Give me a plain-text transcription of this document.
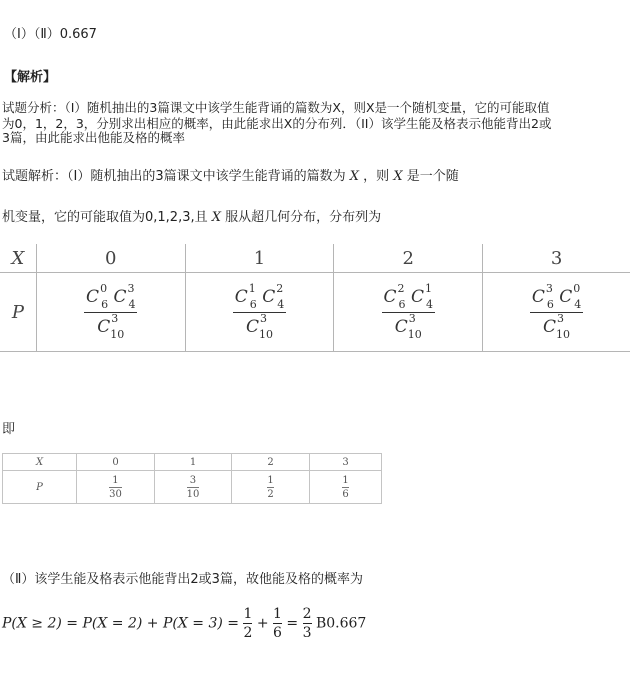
（Ⅰ）（Ⅱ）0.667
【解析】
试题分析：（Ⅰ）随机抽出的3篇课文中该学生能背诵的篇数为X，则X是一个随机变量，它的可能取值
为0，1，2，3，分别求出相应的概率，由此能求出X的分布列．（II）该学生能及格表示他能背出2或
3篇，由此能求出他能及格的概率
试题解析：（Ⅰ）随机抽出的3篇课文中该学生能背诵的篇数为 X ，则 X 是一个随
机变量，它的可能取值为0,1,2,3,且 X 服从超几何分布，分布列为
X	0	1	2	3
P	$\frac{C^0_6 C^3_4}{C^3_{10}}$	$\frac{C^1_6 C^2_4}{C^3_{10}}$	$\frac{C^2_6 C^1_4}{C^3_{10}}$	$\frac{C^3_6 C^0_4}{C^3_{10}}$
即
X	0	1	2	3
P	$\frac{1}{30}$	$\frac{3}{10}$	$\frac{1}{2}$	$\frac{1}{6}$
（Ⅱ）该学生能及格表示他能背出2或3篇，故他能及格的概率为
$P(X \ge 2) = P(X = 2) + P(X = 3) = \frac{1}{2} + \frac{1}{6} = \frac{2}{3} B0.667$
